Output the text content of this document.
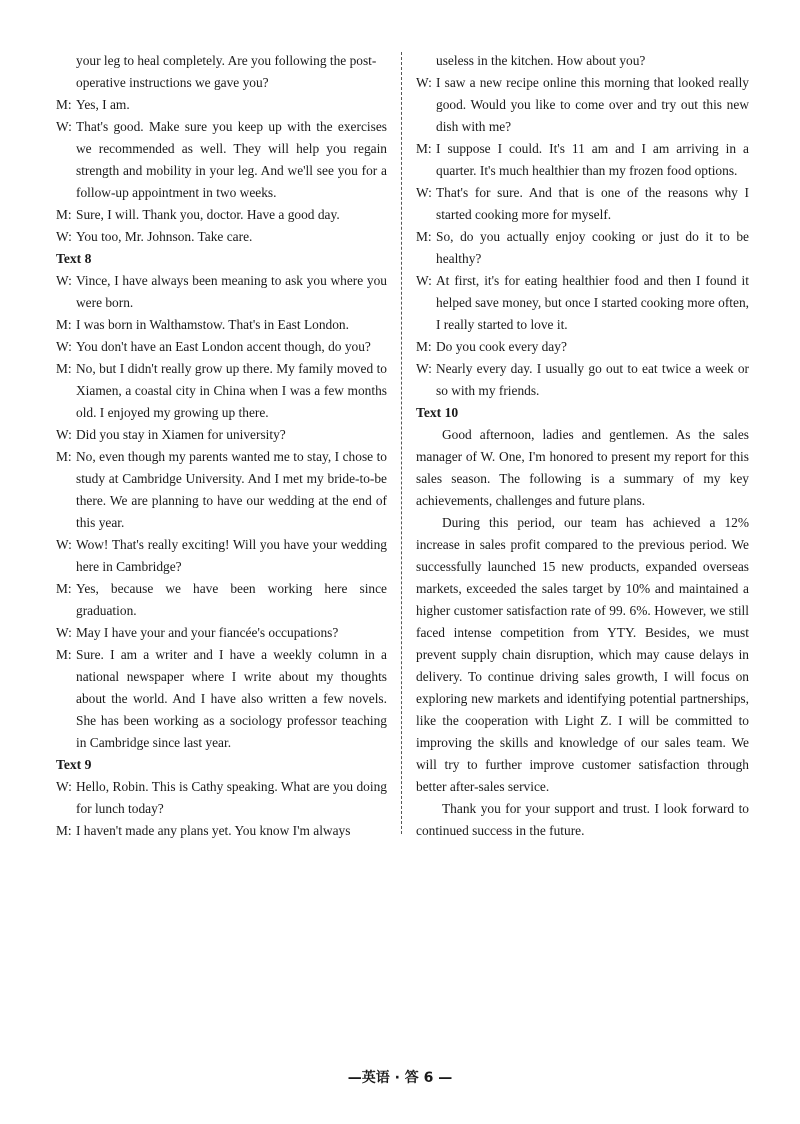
your leg to heal completely. Are you following the post-operative instructions we gave you?
M: Yes, I am.
W: That's good. Make sure you keep up with the exercises we recommended as well. They will help you regain strength and mobility in your leg. And we'll see you for a follow-up appointment in two weeks.
M: Sure, I will. Thank you, doctor. Have a good day.
W: You too, Mr. Johnson. Take care.
Text 8
W: Vince, I have always been meaning to ask you where you were born.
M: I was born in Walthamstow. That's in East London.
W: You don't have an East London accent though, do you?
M: No, but I didn't really grow up there. My family moved to Xiamen, a coastal city in China when I was a few months old. I enjoyed my growing up there.
W: Did you stay in Xiamen for university?
M: No, even though my parents wanted me to stay, I chose to study at Cambridge University. And I met my bride-to-be there. We are planning to have our wedding at the end of this year.
W: Wow! That's really exciting! Will you have your wedding here in Cambridge?
M: Yes, because we have been working here since graduation.
W: May I have your and your fiancée's occupations?
M: Sure. I am a writer and I have a weekly column in a national newspaper where I write about my thoughts about the world. And I have also written a few novels. She has been working as a sociology professor teaching in Cambridge since last year.
Text 9
W: Hello, Robin. This is Cathy speaking. What are you doing for lunch today?
M: I haven't made any plans yet. You know I'm always
useless in the kitchen. How about you?
W: I saw a new recipe online this morning that looked really good. Would you like to come over and try out this new dish with me?
M: I suppose I could. It's 11 am and I am arriving in a quarter. It's much healthier than my frozen food options.
W: That's for sure. And that is one of the reasons why I started cooking more for myself.
M: So, do you actually enjoy cooking or just do it to be healthy?
W: At first, it's for eating healthier food and then I found it helped save money, but once I started cooking more often, I really started to love it.
M: Do you cook every day?
W: Nearly every day. I usually go out to eat twice a week or so with my friends.
Text 10
Good afternoon, ladies and gentlemen. As the sales manager of W. One, I'm honored to present my report for this sales season. The following is a summary of my key achievements, challenges and future plans.
During this period, our team has achieved a 12% increase in sales profit compared to the previous period. We successfully launched 15 new products, expanded overseas markets, exceeded the sales target by 10% and maintained a higher customer satisfaction rate of 99. 6%. However, we still faced intense competition from YTY. Besides, we must prevent supply chain disruption, which may cause delays in delivery. To continue driving sales growth, I will focus on exploring new markets and identifying potential partnerships, like the cooperation with Light Z. I will be committed to improving the skills and knowledge of our sales team. We will try to further improve customer satisfaction through better after-sales service.
Thank you for your support and trust. I look forward to continued success in the future.
—英语 · 答 6 —
